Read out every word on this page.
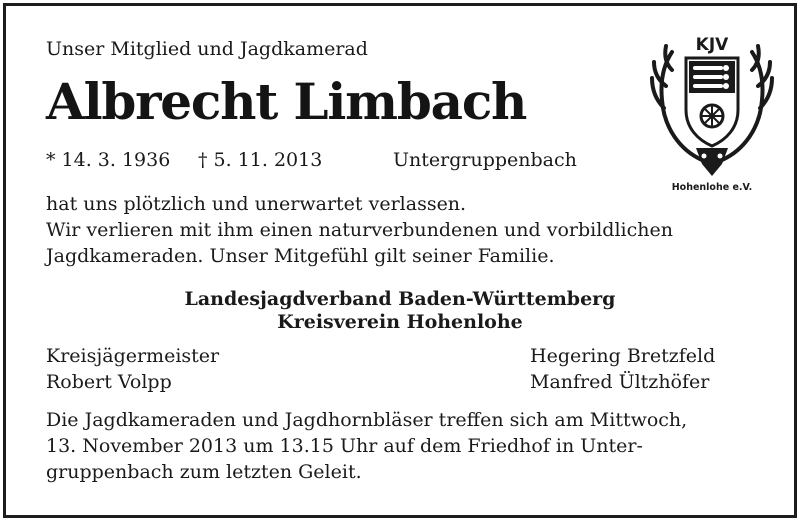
Unser Mitglied und Jagdkamerad
Albrecht Limbach
* 14. 3. 1936 † 5. 11. 2013	Untergruppenbach
hat uns plötzlich und unerwartet verlassen.
Wir verlieren mit ihm einen naturverbundenen und vorbildlichen
Jagdkameraden. Unser Mitgefühl gilt seiner Familie.
Landesjagdverband Baden-Württemberg
Kreisverein Hohenlohe
Kreisjägermeister
Robert Volpp
Hegering Bretzfeld
Manfred Ültzhöfer
Die Jagdkameraden und Jagdhornbläser treffen sich am Mittwoch,
13. November 2013 um 13.15 Uhr auf dem Friedhof in Unter-
gruppenbach zum letzten Geleit.
KJV
Hohenlohe e.V.
